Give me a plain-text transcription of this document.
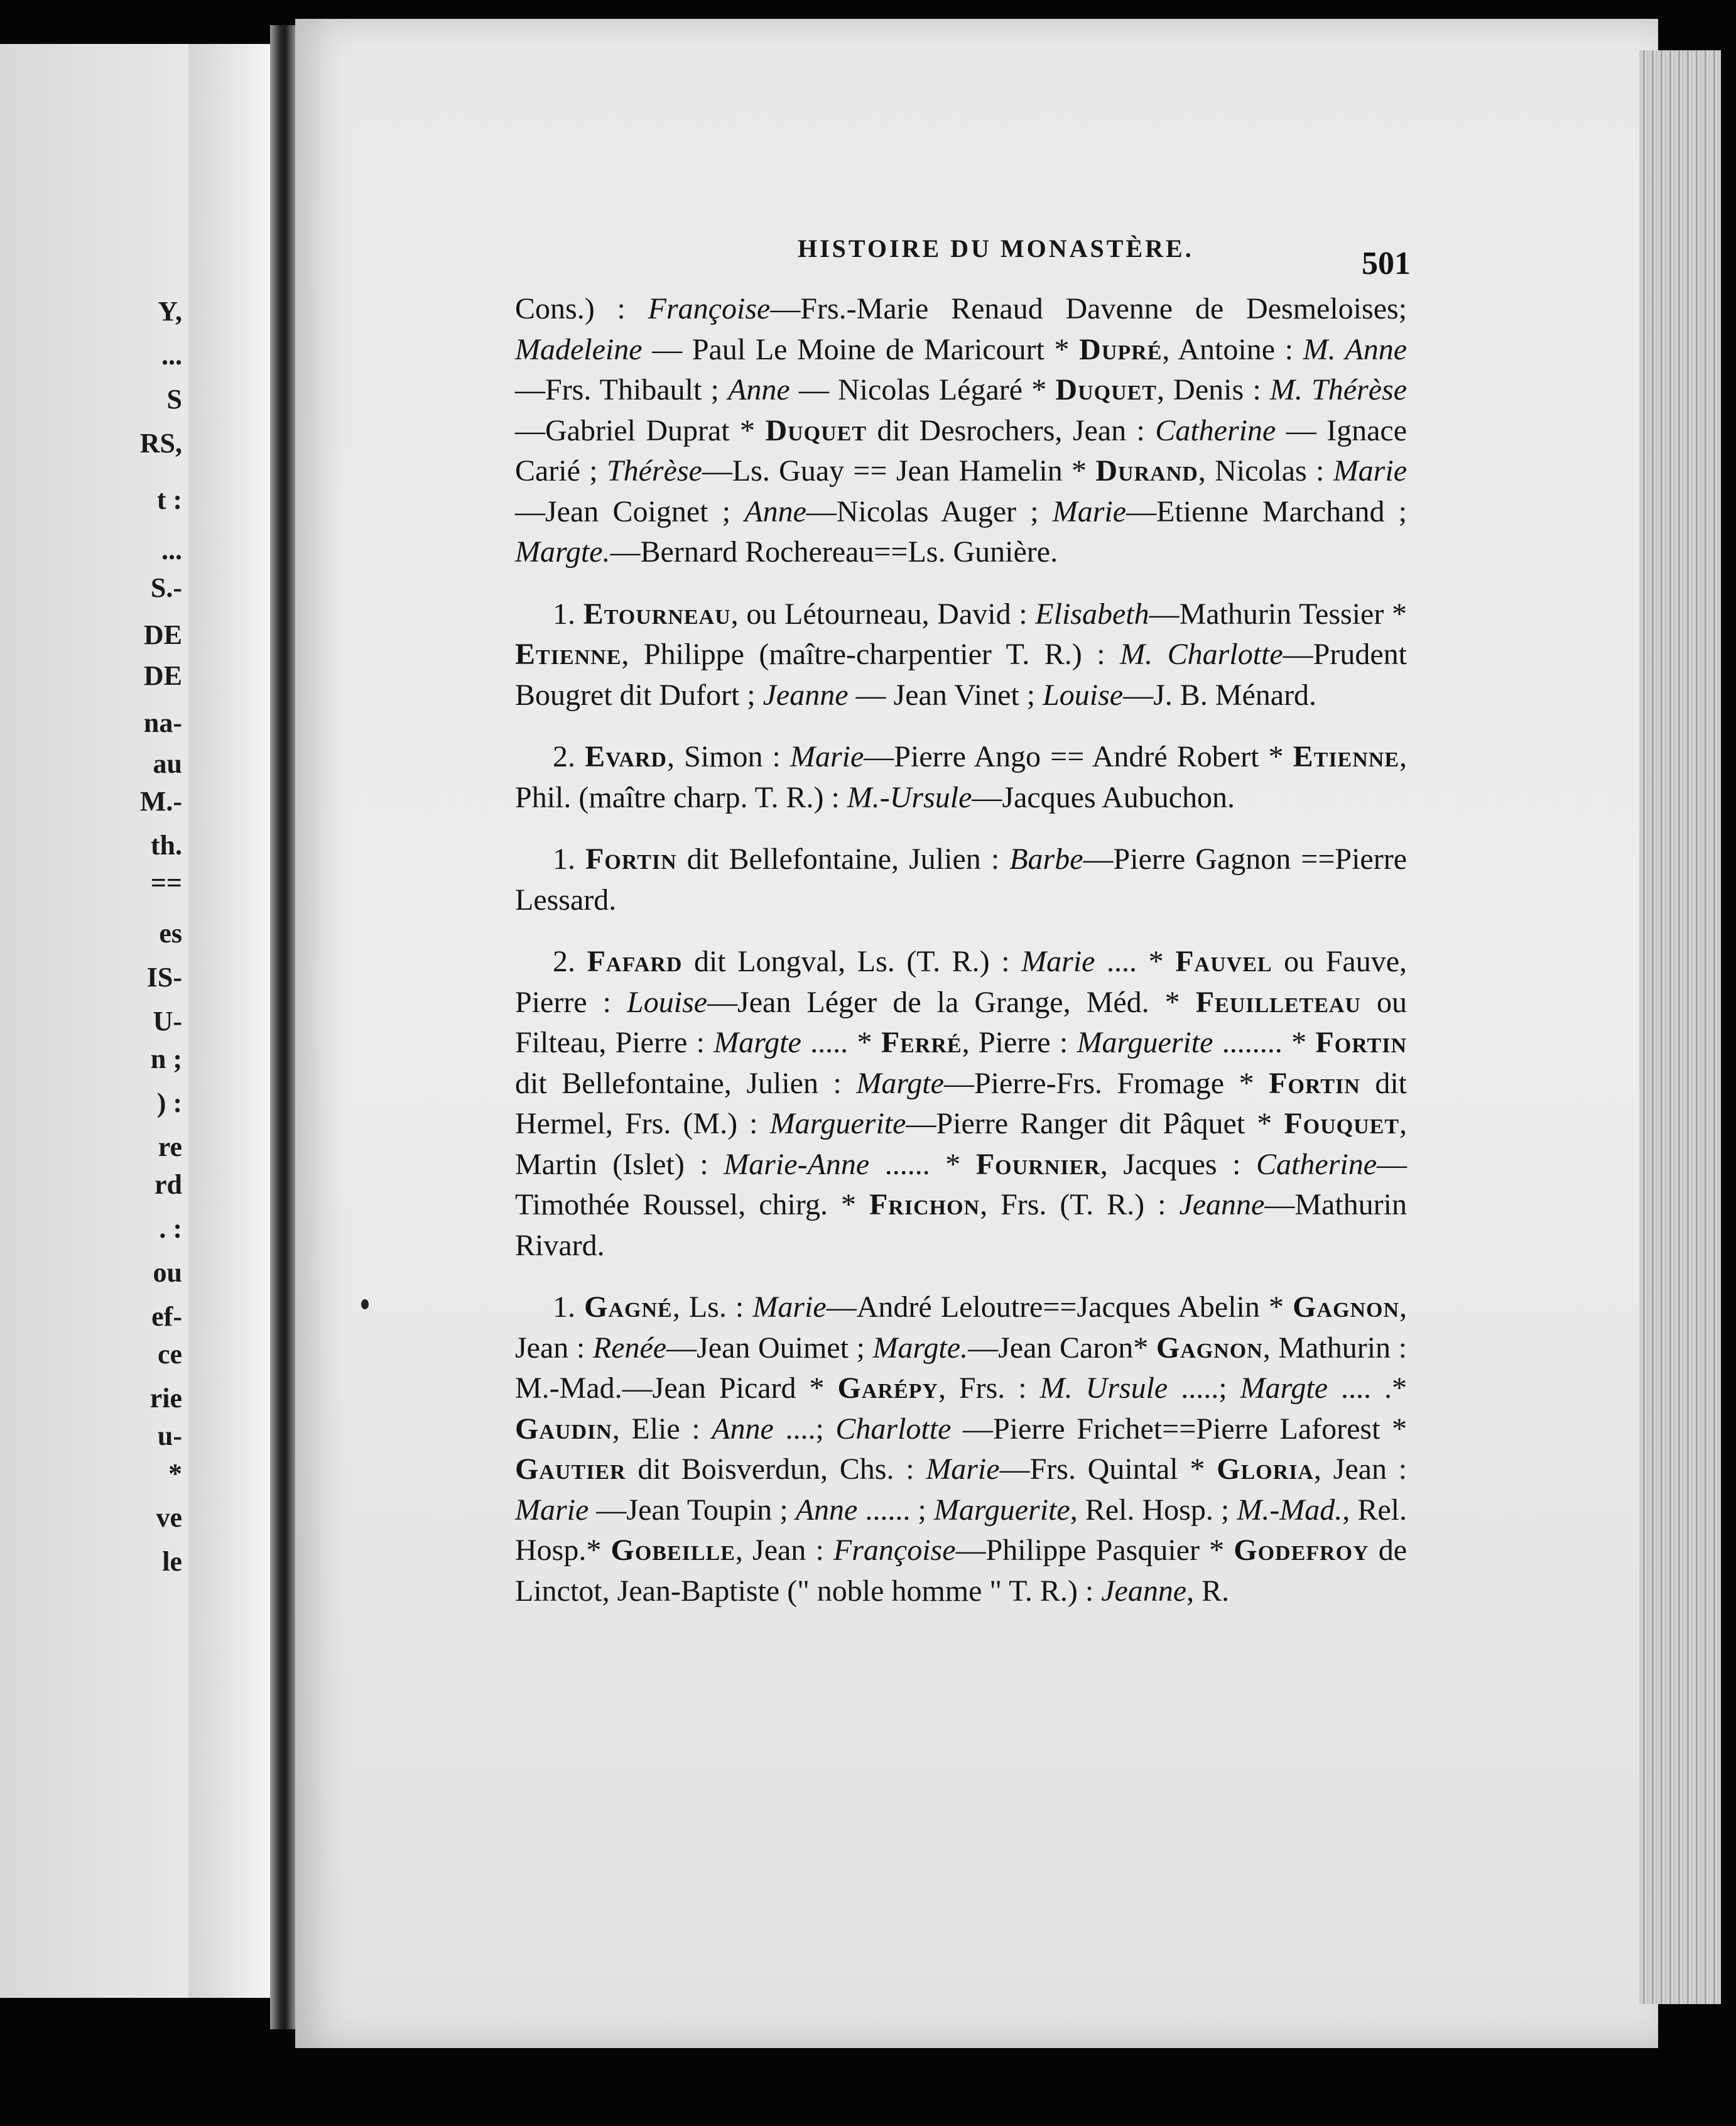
Y,
...
S
RS,
t :
...
S.-
DE
DE
na-
au
M.-
th.
==
es
IS-
U-
n ;
) :
re
rd
. :
ou
ef-
ce
rie
u-
*
ve
le
HISTOIRE DU MONASTÈRE.	501

Cons.) : Françoise—Frs.-Marie Renaud Davenne de Desmeloises; Madeleine — Paul Le Moine de Maricourt * Dupré, Antoine : M. Anne—Frs. Thibault ; Anne — Nicolas Légaré * Duquet, Denis : M. Thérèse—Gabriel Duprat * Duquet dit Desrochers, Jean : Catherine — Ignace Carié ; Thérèse—Ls. Guay == Jean Hamelin * Durand, Nicolas : Marie—Jean Coignet ; Anne—Nicolas Auger ; Marie—Etienne Marchand ; Margte.—Bernard Rochereau==Ls. Gunière.

1. Etourneau, ou Létourneau, David : Elisabeth—Mathurin Tessier * Etienne, Philippe (maître-charpentier T. R.) : M. Charlotte—Prudent Bougret dit Dufort ; Jeanne — Jean Vinet ; Louise—J. B. Ménard.

2. Evard, Simon : Marie—Pierre Ango == André Robert * Etienne, Phil. (maître charp. T. R.) : M.-Ursule—Jacques Aubuchon.

1. Fortin dit Bellefontaine, Julien : Barbe—Pierre Gagnon ==Pierre Lessard.

2. Fafard dit Longval, Ls. (T. R.) : Marie .... * Fauvel ou Fauve, Pierre : Louise—Jean Léger de la Grange, Méd. * Feuilleteau ou Filteau, Pierre : Margte ..... * Ferré, Pierre : Marguerite ........ * Fortin dit Bellefontaine, Julien : Margte—Pierre-Frs. Fromage * Fortin dit Hermel, Frs. (M.) : Marguerite—Pierre Ranger dit Pâquet * Fouquet, Martin (Islet) : Marie-Anne ...... * Fournier, Jacques : Catherine—Timothée Roussel, chirg. * Frichon, Frs. (T. R.) : Jeanne—Mathurin Rivard.

1. Gagné, Ls. : Marie—André Leloutre==Jacques Abelin * Gagnon, Jean : Renée—Jean Ouimet ; Margte.—Jean Caron* Gagnon, Mathurin : M.-Mad.—Jean Picard * Garépy, Frs. : M. Ursule .....; Margte .... .* Gaudin, Elie : Anne ....; Charlotte —Pierre Frichet==Pierre Laforest * Gautier dit Boisverdun, Chs. : Marie—Frs. Quintal * Gloria, Jean : Marie —Jean Toupin ; Anne ...... ; Marguerite, Rel. Hosp. ; M.-Mad., Rel. Hosp.* Gobeille, Jean : Françoise—Philippe Pasquier * Godefroy de Linctot, Jean-Baptiste (" noble homme " T. R.) : Jeanne, R.
